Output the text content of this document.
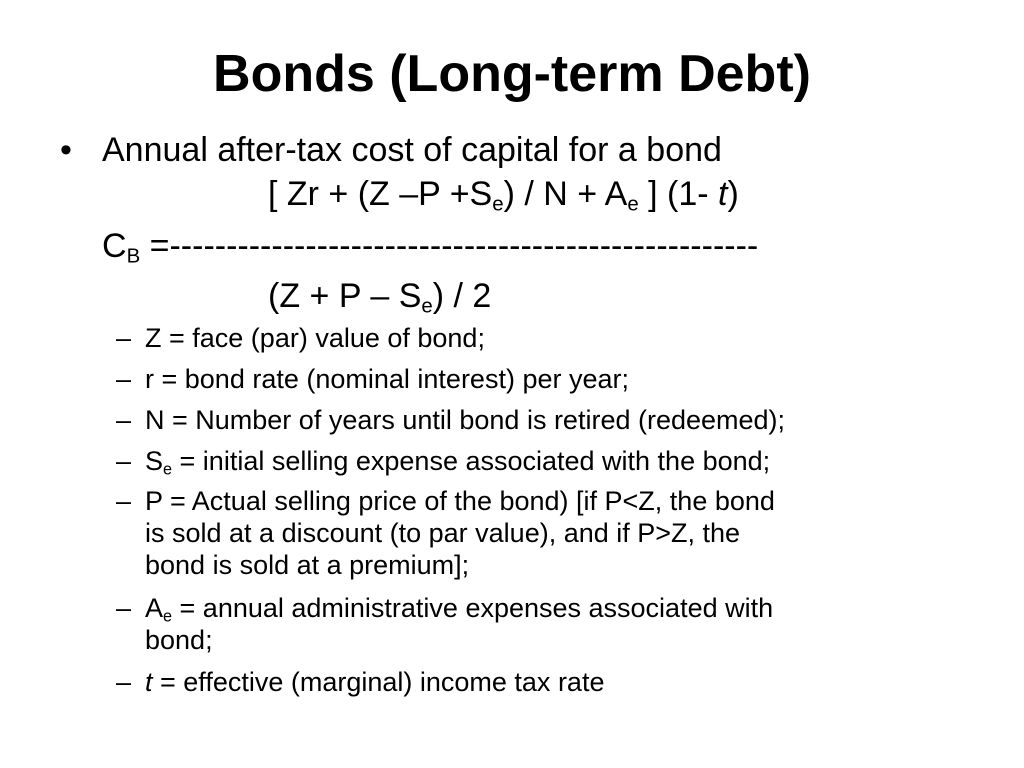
Bonds (Long-term Debt)
• Annual after-tax cost of capital for a bond
[ Zr + (Z $-P +S_e) / N + A_e$ ] (1- t)
$C_B$ =----------------------------------------------------
$(Z + P - S_e) / 2$
– Z = face (par) value of bond;
– r = bond rate (nominal interest) per year;
– N = Number of years until bond is retired (redeemed);
– $S_e$ = initial selling expense associated with the bond;
– P = Actual selling price of the bond) [if P<Z, the bond
is sold at a discount (to par value), and if P>Z, the
bond is sold at a premium];
– $A_e$ = annual administrative expenses associated with
bond;
– t = effective (marginal) income tax rate
